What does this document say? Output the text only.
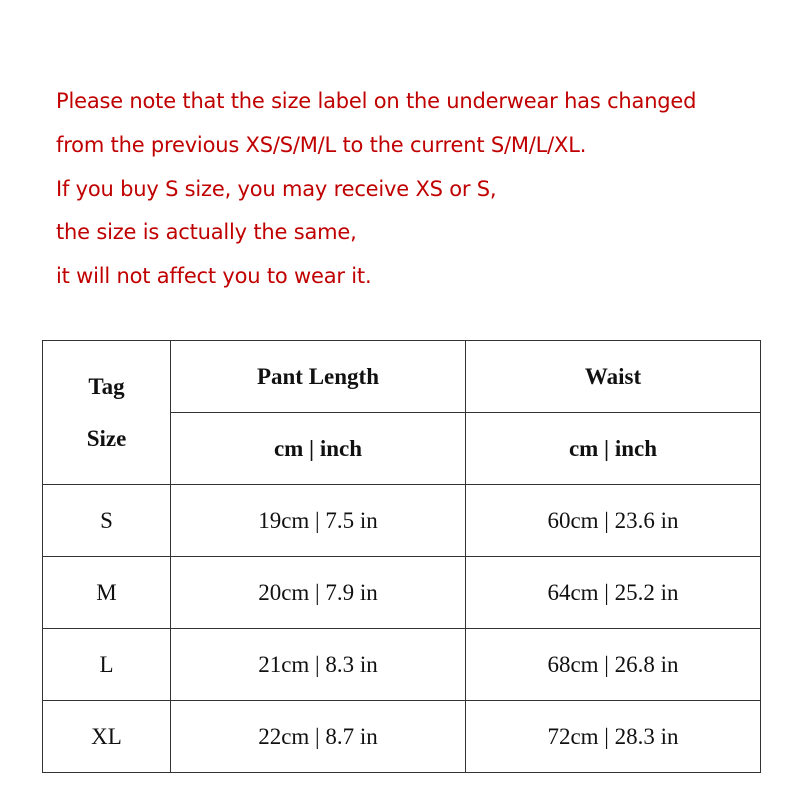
Please note that the size label on the underwear has changed
from the previous XS/S/M/L to the current S/M/L/XL.
If you buy S size, you may receive XS or S,
the size is actually the same,
it will not affect you to wear it.
Tag
Size	Pant Length	Waist
	cm | inch	cm | inch
S	19cm | 7.5 in	60cm | 23.6 in
M	20cm | 7.9 in	64cm | 25.2 in
L	21cm | 8.3 in	68cm | 26.8 in
XL	22cm | 8.7 in	72cm | 28.3 in
